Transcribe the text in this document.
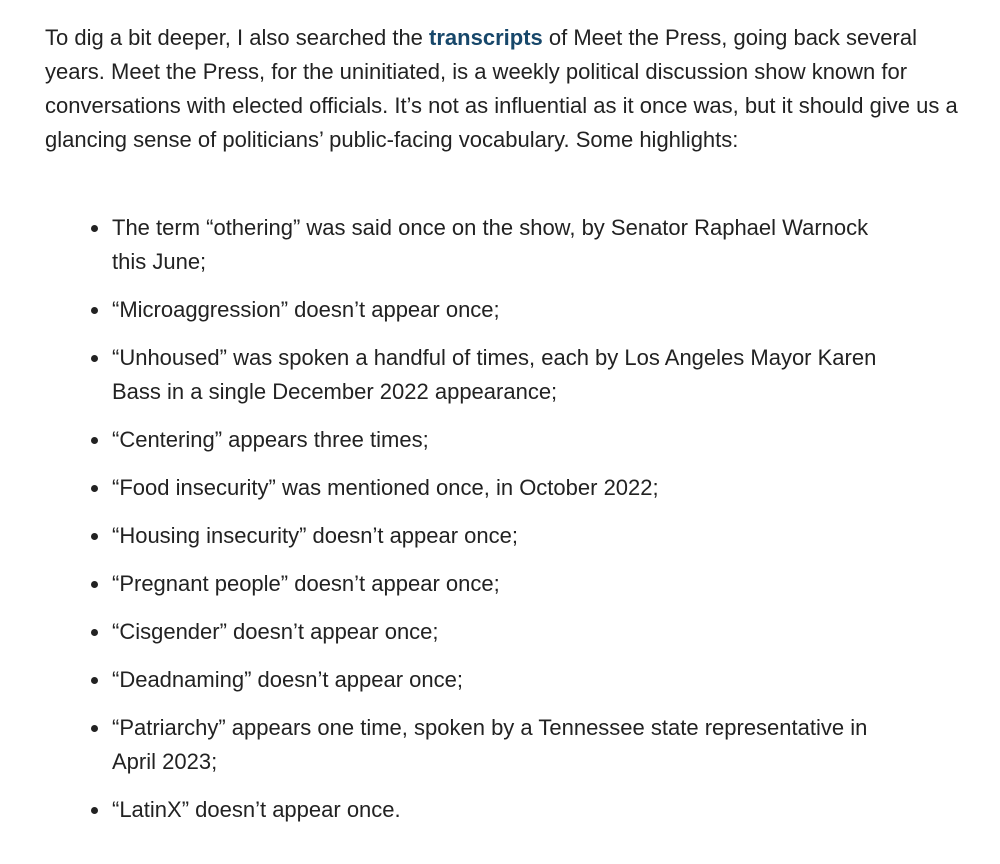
To dig a bit deeper, I also searched the transcripts of Meet the Press, going back several years. Meet the Press, for the uninitiated, is a weekly political discussion show known for conversations with elected officials. It’s not as influential as it once was, but it should give us a glancing sense of politicians’ public-facing vocabulary. Some highlights:

The term “othering” was said once on the show, by Senator Raphael Warnock this June;
“Microaggression” doesn’t appear once;
“Unhoused” was spoken a handful of times, each by Los Angeles Mayor Karen Bass in a single December 2022 appearance;
“Centering” appears three times;
“Food insecurity” was mentioned once, in October 2022;
“Housing insecurity” doesn’t appear once;
“Pregnant people” doesn’t appear once;
“Cisgender” doesn’t appear once;
“Deadnaming” doesn’t appear once;
“Patriarchy” appears one time, spoken by a Tennessee state representative in April 2023;
“LatinX” doesn’t appear once.
